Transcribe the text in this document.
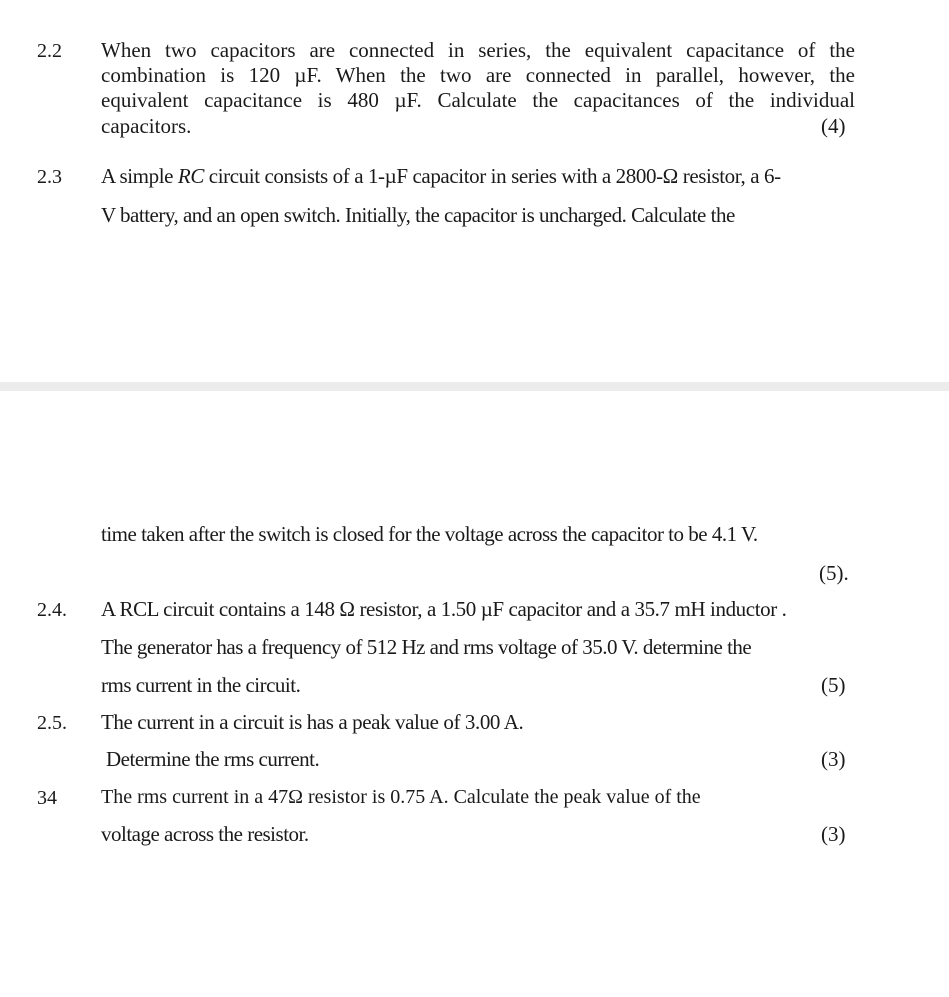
2.2 When two capacitors are connected in series, the equivalent capacitance of the
combination is 120 µF. When the two are connected in parallel, however, the
equivalent capacitance is 480 µF. Calculate the capacitances of the individual
capacitors.	(4)
2.3 A simple RC circuit consists of a 1-µF capacitor in series with a 2800-Ω resistor, a 6-
V battery, and an open switch. Initially, the capacitor is uncharged. Calculate the
time taken after the switch is closed for the voltage across the capacitor to be 4.1 V.
(5).
2.4. A RCL circuit contains a 148 Ω resistor, a 1.50 µF capacitor and a 35.7 mH inductor .
The generator has a frequency of 512 Hz and rms voltage of 35.0 V. determine the
rms current in the circuit.	(5)
2.5. The current in a circuit is has a peak value of 3.00 A.
Determine the rms current.	(3)
34 The rms current in a 47Ω resistor is 0.75 A. Calculate the peak value of the
voltage across the resistor.	(3)
